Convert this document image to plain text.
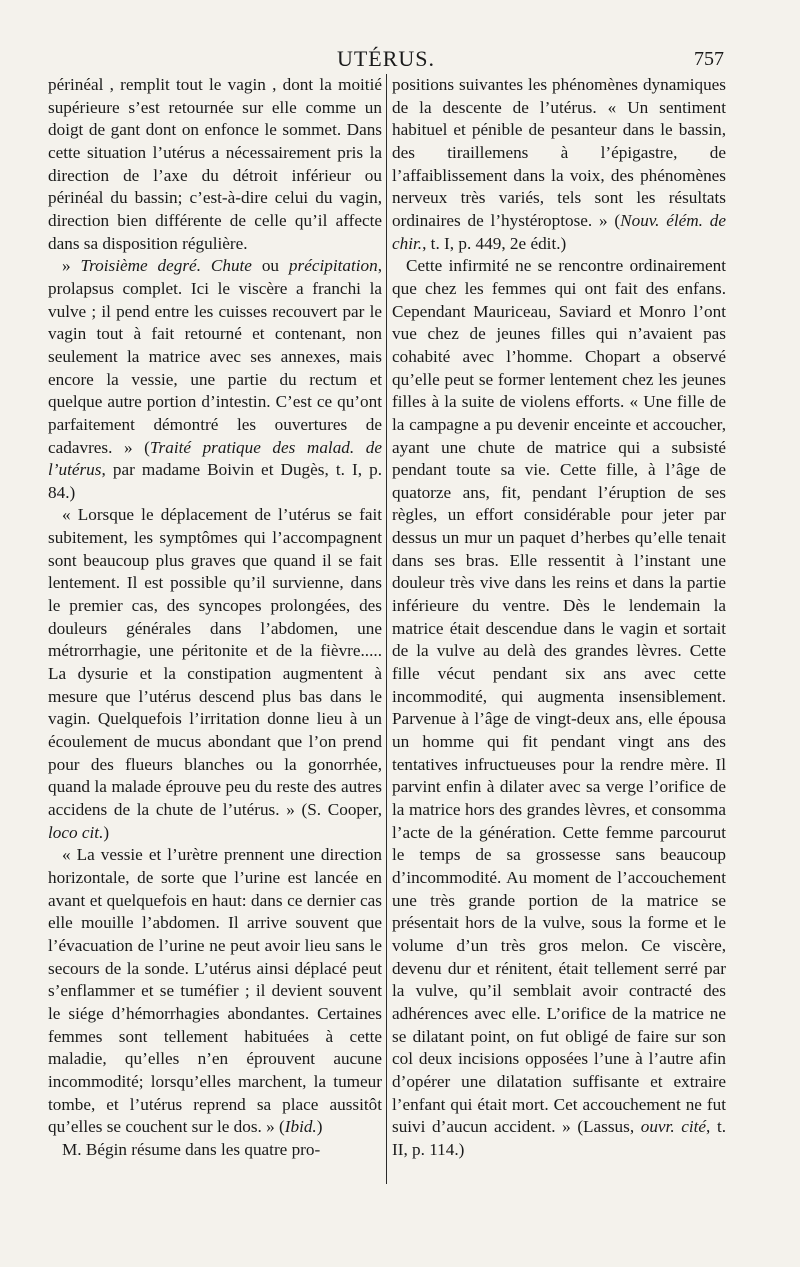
UTÉRUS.	757

périnéal , remplit tout le vagin , dont la moitié supérieure s’est retournée sur elle comme un doigt de gant dont on enfonce le sommet. Dans cette situation l’utérus a nécessairement pris la direction de l’axe du détroit inférieur ou périnéal du bassin; c’est-à-dire celui du vagin, direction bien différente de celle qu’il affecte dans sa disposition régulière.

» Troisième degré. Chute ou précipitation, prolapsus complet. Ici le viscère a franchi la vulve ; il pend entre les cuisses recouvert par le vagin tout à fait retourné et contenant, non seulement la matrice avec ses annexes, mais encore la vessie, une partie du rectum et quelque autre portion d’intestin. C’est ce qu’ont parfaitement démontré les ouvertures de cadavres. » (Traité pratique des malad. de l’utérus, par madame Boivin et Dugès, t. I, p. 84.)

« Lorsque le déplacement de l’utérus se fait subitement, les symptômes qui l’accompagnent sont beaucoup plus graves que quand il se fait lentement. Il est possible qu’il survienne, dans le premier cas, des syncopes prolongées, des douleurs générales dans l’abdomen, une métrorrhagie, une péritonite et de la fièvre..... La dysurie et la constipation augmentent à mesure que l’utérus descend plus bas dans le vagin. Quelquefois l’irritation donne lieu à un écoulement de mucus abondant que l’on prend pour des flueurs blanches ou la gonorrhée, quand la malade éprouve peu du reste des autres accidens de la chute de l’utérus. » (S. Cooper, loco cit.)

« La vessie et l’urètre prennent une direction horizontale, de sorte que l’urine est lancée en avant et quelquefois en haut: dans ce dernier cas elle mouille l’abdomen. Il arrive souvent que l’évacuation de l’urine ne peut avoir lieu sans le secours de la sonde. L’utérus ainsi déplacé peut s’enflammer et se tuméfier ; il devient souvent le siége d’hémorrhagies abondantes. Certaines femmes sont tellement habituées à cette maladie, qu’elles n’en éprouvent aucune incommodité; lorsqu’elles marchent, la tumeur tombe, et l’utérus reprend sa place aussitôt qu’elles se couchent sur le dos. » (Ibid.)

M. Bégin résume dans les quatre pro-

positions suivantes les phénomènes dynamiques de la descente de l’utérus. « Un sentiment habituel et pénible de pesanteur dans le bassin, des tiraillemens à l’épigastre, de l’affaiblissement dans la voix, des phénomènes nerveux très variés, tels sont les résultats ordinaires de l’hystéroptose. » (Nouv. élém. de chir., t. I, p. 449, 2e édit.)

Cette infirmité ne se rencontre ordinairement que chez les femmes qui ont fait des enfans. Cependant Mauriceau, Saviard et Monro l’ont vue chez de jeunes filles qui n’avaient pas cohabité avec l’homme. Chopart a observé qu’elle peut se former lentement chez les jeunes filles à la suite de violens efforts. « Une fille de la campagne a pu devenir enceinte et accoucher, ayant une chute de matrice qui a subsisté pendant toute sa vie. Cette fille, à l’âge de quatorze ans, fit, pendant l’éruption de ses règles, un effort considérable pour jeter par dessus un mur un paquet d’herbes qu’elle tenait dans ses bras. Elle ressentit à l’instant une douleur très vive dans les reins et dans la partie inférieure du ventre. Dès le lendemain la matrice était descendue dans le vagin et sortait de la vulve au delà des grandes lèvres. Cette fille vécut pendant six ans avec cette incommodité, qui augmenta insensiblement. Parvenue à l’âge de vingt-deux ans, elle épousa un homme qui fit pendant vingt ans des tentatives infructueuses pour la rendre mère. Il parvint enfin à dilater avec sa verge l’orifice de la matrice hors des grandes lèvres, et consomma l’acte de la génération. Cette femme parcourut le temps de sa grossesse sans beaucoup d’incommodité. Au moment de l’accouchement une très grande portion de la matrice se présentait hors de la vulve, sous la forme et le volume d’un très gros melon. Ce viscère, devenu dur et rénitent, était tellement serré par la vulve, qu’il semblait avoir contracté des adhérences avec elle. L’orifice de la matrice ne se dilatant point, on fut obligé de faire sur son col deux incisions opposées l’une à l’autre afin d’opérer une dilatation suffisante et extraire l’enfant qui était mort. Cet accouchement ne fut suivi d’aucun accident. » (Lassus, ouvr. cité, t. II, p. 114.)
